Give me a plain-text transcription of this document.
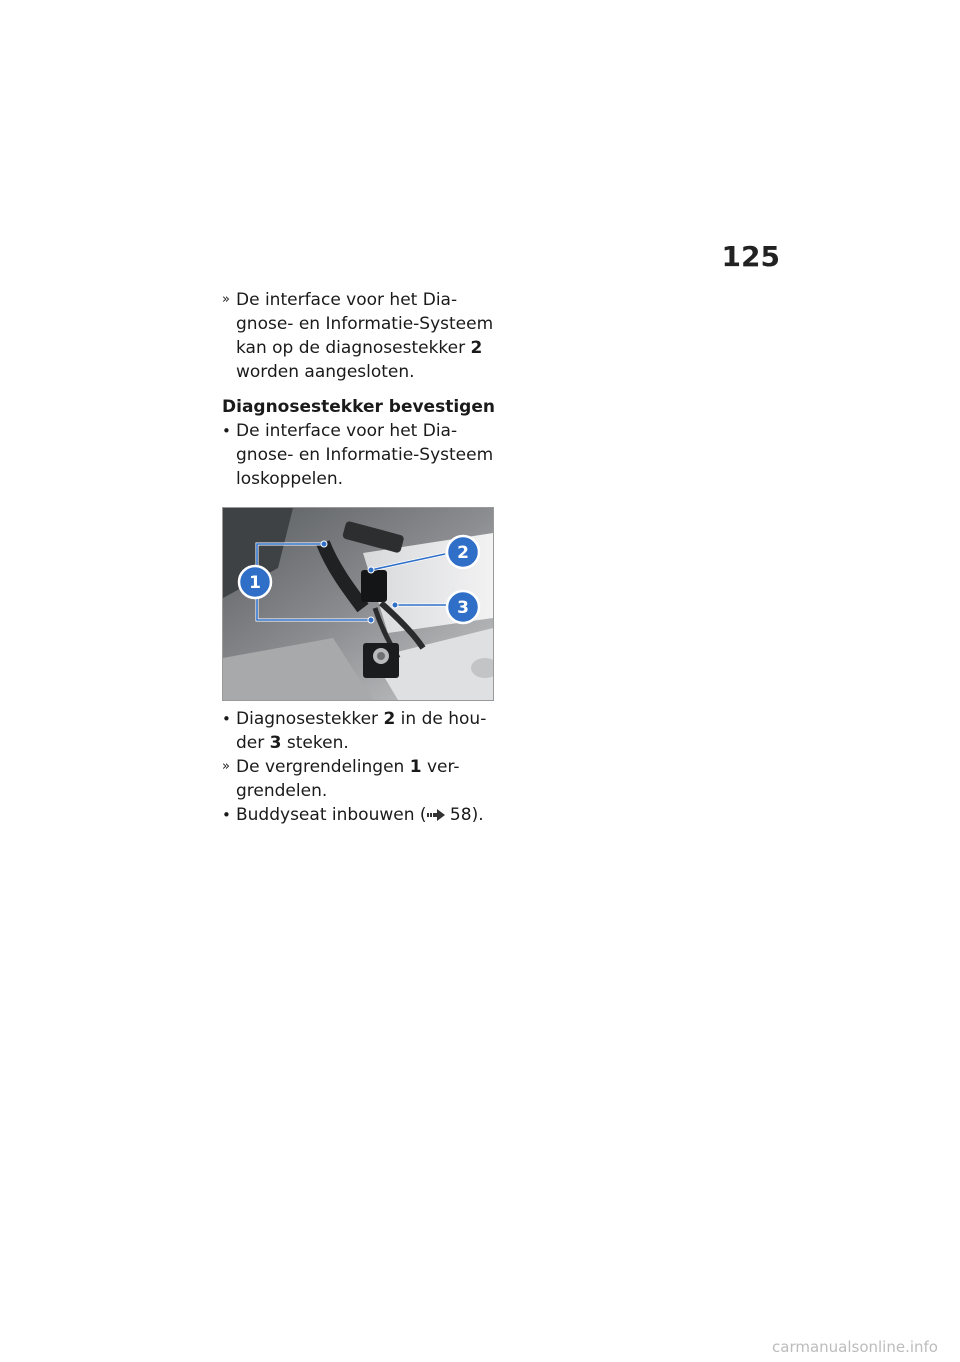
125
» De interface voor het Dia-
gnose- en Informatie-Systeem
kan op de diagnosestekker 2
worden aangesloten.
Diagnosestekker bevestigen
• De interface voor het Dia-
gnose- en Informatie-Systeem
loskoppelen.
1
2
3
• Diagnosestekker 2 in de hou-
der 3 steken.
» De vergrendelingen 1 ver-
grendelen.
• Buddyseat inbouwen ( 58).
carmanualsonline.info
